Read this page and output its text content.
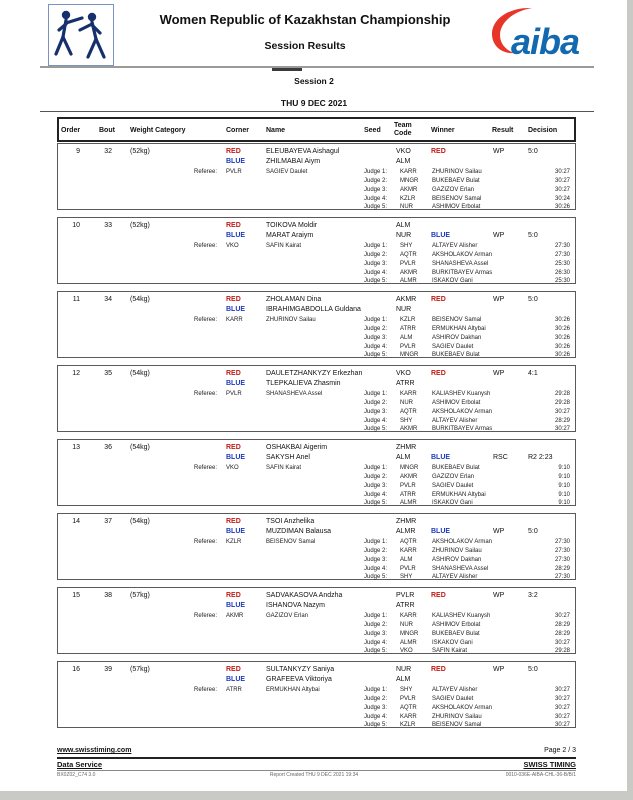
Women Republic of Kazakhstan Championship
Session Results	aiba
Session 2
THU 9 DEC 2021
Order	Bout Weight Category	Corner Name	Seed
Team Code	Winner	Result Decision
9	32	(52kg)	RED	ELEUBAYEVA Aishagul	VKO	RED	WP	5:0
BLUE	ZHILMABAI Aiym	ALM
Referee: PVLR	SAGIEV Daulet	Judge 1: KARR	ZHURINOV Sailau	30:27
Judge 2: MNGR BUKEBAEV Bulat	30:27
Judge 3: AKMR GAZIZOV Erlan	30:27
Judge 4: KZLR	BEISENOV Samal	30:24
Judge 5: NUR	ASHIMOV Erbolat	30:26
10	33	(52kg)	RED	TOIKOVA Moldir	ALM
BLUE	MARAT Araiym	NUR	BLUE	WP	5:0
Referee: VKO	SAFIN Kairat	Judge 1: SHY	ALTAYEV Alisher	27:30
Judge 2: AQTR	AKSHOLAKOV Arman	27:30
Judge 3: PVLR	SHANASHEVA Assel	25:30
Judge 4: AKMR BURKITBAYEV Armas	26:30
Judge 5: ALMR	ISKAKOV Gani	25:30
11	34	(54kg)	RED	ZHOLAMAN Dina	AKMR RED	WP	5:0
BLUE	IBRAHIMGABDOLLA Guldana	NUR
Referee: KARR	ZHURINOV Sailau	Judge 1: KZLR	BEISENOV Samal	30:26
Judge 2: ATRR	ERMUKHAN Altybai	30:26
Judge 3: ALM	ASHIROV Dakhan	30:26
Judge 4: PVLR	SAGIEV Daulet	30:26
Judge 5: MNGR BUKEBAEV Bulat	30:26
12	35	(54kg)	RED	DAULETZHANKYZY Erkezhan	VKO	RED	WP	4:1
BLUE	TLEPKALIEVA Zhasmin	ATRR
Referee: PVLR	SHANASHEVA Assel	Judge 1: KARR	KALIASHEV Kuanysh	29:28
Judge 2: NUR	ASHIMOV Erbolat	29:28
Judge 3: AQTR	AKSHOLAKOV Arman	30:27
Judge 4: SHY	ALTAYEV Alisher	28:29
Judge 5: AKMR BURKITBAYEV Armas	30:27
13	36	(54kg)	RED	OSHAKBAI Aigerim	ZHMR
BLUE	SAKYSH Anel	ALM	BLUE	RSC	R2 2:23
Referee: VKO	SAFIN Kairat	Judge 1: MNGR BUKEBAEV Bulat	9:10
Judge 2: AKMR GAZIZOV Erlan	9:10
Judge 3: PVLR	SAGIEV Daulet	9:10
Judge 4: ATRR	ERMUKHAN Altybai	9:10
Judge 5: ALMR	ISKAKOV Gani	9:10
14	37	(54kg)	RED	TSOI Anzhelika	ZHMR
BLUE	MUZDIMAN Balausa	ALMR BLUE	WP	5:0
Referee: KZLR	BEISENOV Samal	Judge 1: AQTR	AKSHOLAKOV Arman	27:30
Judge 2: KARR	ZHURINOV Sailau	27:30
Judge 3: ALM	ASHIROV Dakhan	27:30
Judge 4: PVLR	SHANASHEVA Assel	28:29
Judge 5: SHY	ALTAYEV Alisher	27:30
15	38	(57kg)	RED	SADVAKASOVA Andzha	PVLR RED	WP	3:2
BLUE	ISHANOVA Nazym	ATRR
Referee: AKMR	GAZIZOV Erlan	Judge 1: KARR	KALIASHEV Kuanysh	30:27
Judge 2: NUR	ASHIMOV Erbolat	28:29
Judge 3: MNGR BUKEBAEV Bulat	28:29
Judge 4: ALMR	ISKAKOV Gani	30:27
Judge 5: VKO	SAFIN Kairat	29:28
16	39	(57kg)	RED	SULTANKYZY Saniya	NUR	RED	WP	5:0
BLUE	GRAFEEVA Viktoriya	ALM
Referee: ATRR	ERMUKHAN Altybai	Judge 1: SHY	ALTAYEV Alisher	30:27
Judge 2: PVLR	SAGIEV Daulet	30:27
Judge 3: AQTR	AKSHOLAKOV Arman	30:27
Judge 4: KARR	ZHURINOV Sailau	30:27
Judge 5: KZLR	BEISENOV Samal	30:27
www.swisstiming.com	Page 2 / 3
Data Service	SWISS TIMING
BX0Z02_C74 3.0	Report Created THU 9 DEC 2021 19:34	0010-036E-AIBA-CHL-36-B/B/1
